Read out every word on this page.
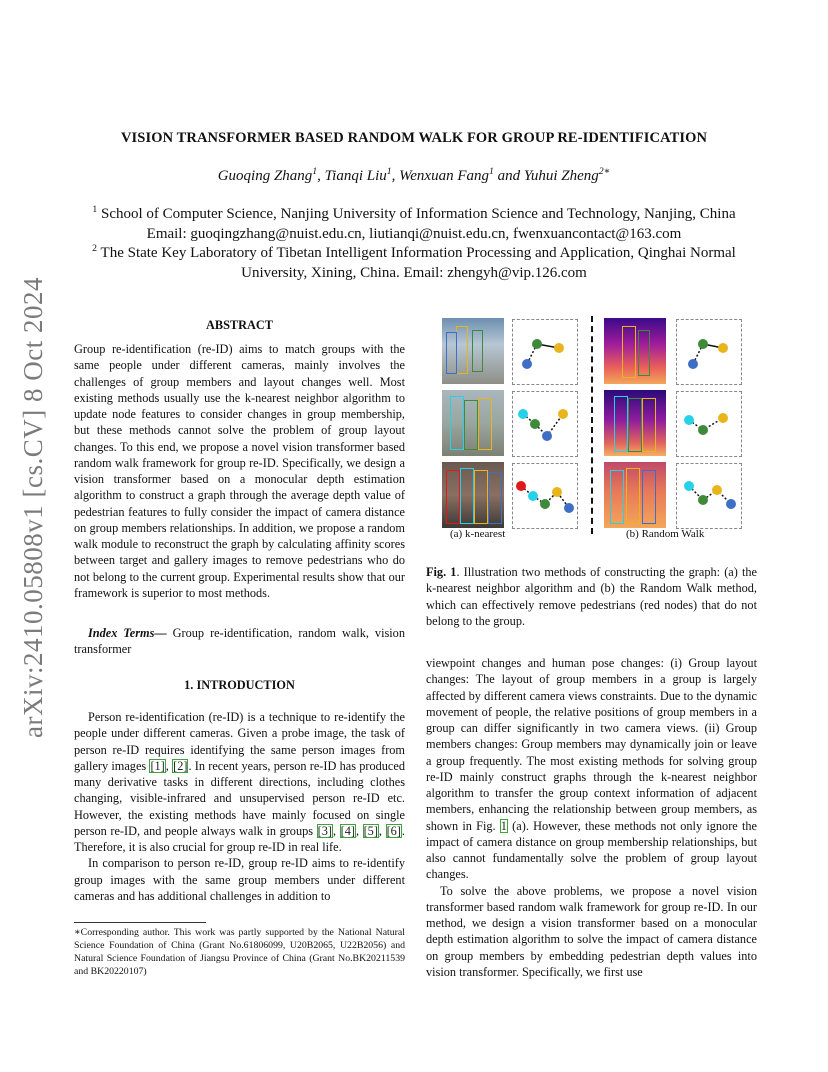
arXiv:2410.05808v1 [cs.CV] 8 Oct 2024
VISION TRANSFORMER BASED RANDOM WALK FOR GROUP RE-IDENTIFICATION
Guoqing Zhang$^1$, Tianqi Liu$^1$, Wenxuan Fang$^1$ and Yuhui Zheng$^{2∗}$
$^1$ School of Computer Science, Nanjing University of Information Science and Technology, Nanjing, China
Email: guoqingzhang@nuist.edu.cn, liutianqi@nuist.edu.cn, fwenxuancontact@163.com
$^2$ The State Key Laboratory of Tibetan Intelligent Information Processing and Application, Qinghai Normal University, Xining, China. Email: zhengyh@vip.126.com
ABSTRACT

Group re-identification (re-ID) aims to match groups with the same people under different cameras, mainly involves the challenges of group members and layout changes well. Most existing methods usually use the k-nearest neighbor algorithm to update node features to consider changes in group membership, but these methods cannot solve the problem of group layout changes. To this end, we propose a novel vision transformer based random walk framework for group re-ID. Specifically, we design a vision transformer based on a monocular depth estimation algorithm to construct a graph through the average depth value of pedestrian features to fully consider the impact of camera distance on group members relationships. In addition, we propose a random walk module to reconstruct the graph by calculating affinity scores between target and gallery images to remove pedestrians who do not belong to the current group. Experimental results show that our framework is superior to most methods.

Index Terms— Group re-identification, random walk, vision transformer

1. INTRODUCTION

Person re-identification (re-ID) is a technique to re-identify the people under different cameras. Given a probe image, the task of person re-ID requires identifying the same person images from gallery images [1], [2]. In recent years, person re-ID has produced many derivative tasks in different directions, including clothes changing, visible-infrared and unsupervised person re-ID etc. However, the existing methods have mainly focused on single person re-ID, and people always walk in groups [3], [4], [5], [6]. Therefore, it is also crucial for group re-ID in real life.

In comparison to person re-ID, group re-ID aims to re-identify group images with the same group members under different cameras and has additional challenges in addition to

∗Corresponding author. This work was partly supported by the National Natural Science Foundation of China (Grant No.61806099, U20B2065, U22B2056) and Natural Science Foundation of Jiangsu Province of China (Grant No.BK20211539 and BK20220107)
(a) k-nearest	(b) Random Walk
Fig. 1. Illustration two methods of constructing the graph: (a) the k-nearest neighbor algorithm and (b) the Random Walk method, which can effectively remove pedestrians (red nodes) that do not belong to the group.

viewpoint changes and human pose changes: (i) Group layout changes: The layout of group members in a group is largely affected by different camera views constraints. Due to the dynamic movement of people, the relative positions of group members in a group can differ significantly in two camera views. (ii) Group members changes: Group members may dynamically join or leave a group frequently. The most existing methods for solving group re-ID mainly construct graphs through the k-nearest neighbor algorithm to transfer the group context information of adjacent members, enhancing the relationship between group members, as shown in Fig. 1 (a). However, these methods not only ignore the impact of camera distance on group membership relationships, but also cannot fundamentally solve the problem of group layout changes.

To solve the above problems, we propose a novel vision transformer based random walk framework for group re-ID. In our method, we design a vision transformer based on a monocular depth estimation algorithm to solve the impact of camera distance on group members by embedding pedestrian depth values into vision transformer. Specifically, we first use
